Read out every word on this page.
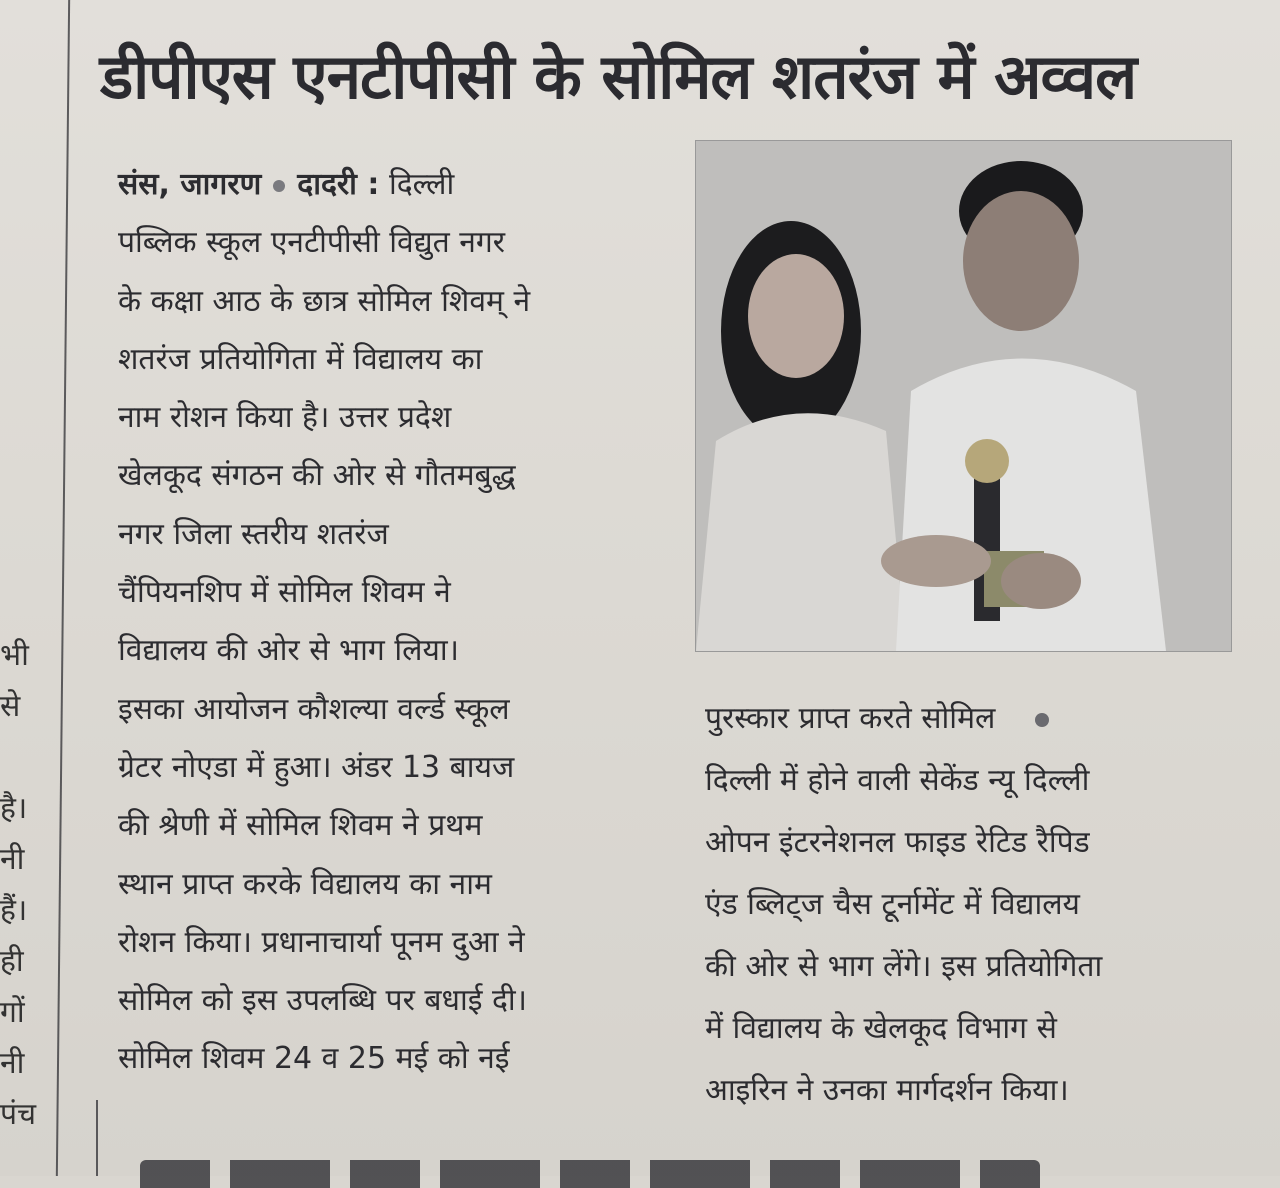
भी
से
है।
नी
हैं।
ही
गों
नी
पंच
डीपीएस एनटीपीसी के सोमिल शतरंज में अव्वल
संस, जागरण दादरी : दिल्ली
पब्लिक स्कूल एनटीपीसी विद्युत नगर
के कक्षा आठ के छात्र सोमिल शिवम् ने
शतरंज प्रतियोगिता में विद्यालय का
नाम रोशन किया है। उत्तर प्रदेश
खेलकूद संगठन की ओर से गौतमबुद्ध
नगर जिला स्तरीय शतरंज
चैंपियनशिप में सोमिल शिवम ने
विद्यालय की ओर से भाग लिया।
इसका आयोजन कौशल्या वर्ल्ड स्कूल
ग्रेटर नोएडा में हुआ। अंडर 13 बायज
की श्रेणी में सोमिल शिवम ने प्रथम
स्थान प्राप्त करके विद्यालय का नाम
रोशन किया। प्रधानाचार्या पूनम दुआ ने
सोमिल को इस उपलब्धि पर बधाई दी।
सोमिल शिवम 24 व 25 मई को नई
पुरस्कार प्राप्त करते सोमिल
दिल्ली में होने वाली सेकेंड न्यू दिल्ली
ओपन इंटरनेशनल फाइड रेटिड रैपिड
एंड ब्लिट्ज चैस टूर्नामेंट में विद्यालय
की ओर से भाग लेंगे। इस प्रतियोगिता
में विद्यालय के खेलकूद विभाग से
आइरिन ने उनका मार्गदर्शन किया।
